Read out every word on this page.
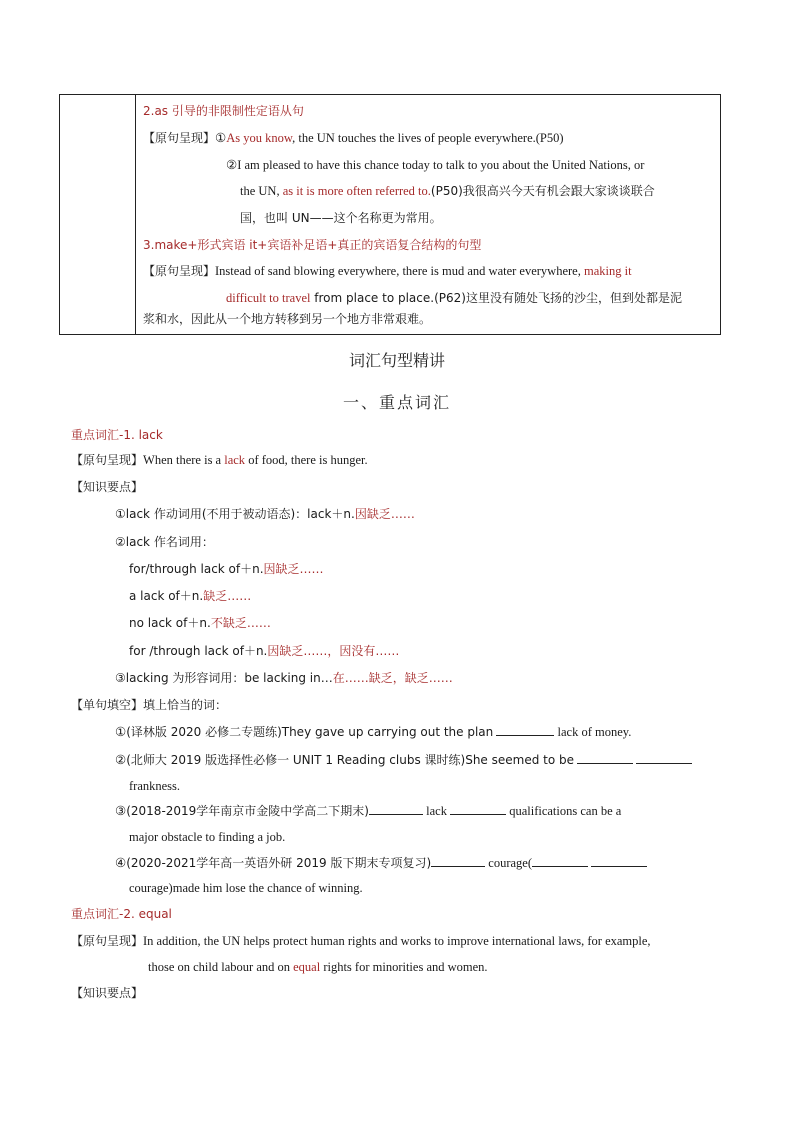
2.as 引导的非限制性定语从句
【原句呈现】①As you know, the UN touches the lives of people everywhere.(P50)
②I am pleased to have this chance today to talk to you about the United Nations, or
the UN, as it is more often referred to.(P50)我很高兴今天有机会跟大家谈谈联合
国，也叫 UN——这个名称更为常用。
3.make+形式宾语 it+宾语补足语+真正的宾语复合结构的句型
【原句呈现】Instead of sand blowing everywhere, there is mud and water everywhere, making it
difficult to travel from place to place.(P62)这里没有随处飞扬的沙尘，但到处都是泥
浆和水，因此从一个地方转移到另一个地方非常艰难。
词汇句型精讲
一、重点词汇
重点词汇-1. lack
【原句呈现】When there is a lack of food, there is hunger.
【知识要点】
①lack 作动词用(不用于被动语态)：lack＋n.因缺乏……
②lack 作名词用：
for/through lack of＋n.因缺乏……
a lack of＋n.缺乏……
no lack of＋n.不缺乏……
for /through lack of＋n.因缺乏……，因没有……
③lacking 为形容词用：be lacking in…在……缺乏，缺乏……
【单句填空】填上恰当的词：
①(译林版 2020 必修二专题练)They gave up carrying out the plan	lack of money.
②(北师大 2019 版选择性必修一 UNIT 1 Reading clubs 课时练)She seemed to be
frankness.
③(2018-2019学年南京市金陵中学高二下期末)	lack	qualifications can be a
major obstacle to finding a job.
④(2020-2021学年高一英语外研 2019 版下期末专项复习)	courage(
courage)made him lose the chance of winning.
重点词汇-2. equal
【原句呈现】In addition, the UN helps protect human rights and works to improve international laws, for example,
those on child labour and on equal rights for minorities and women.
【知识要点】
